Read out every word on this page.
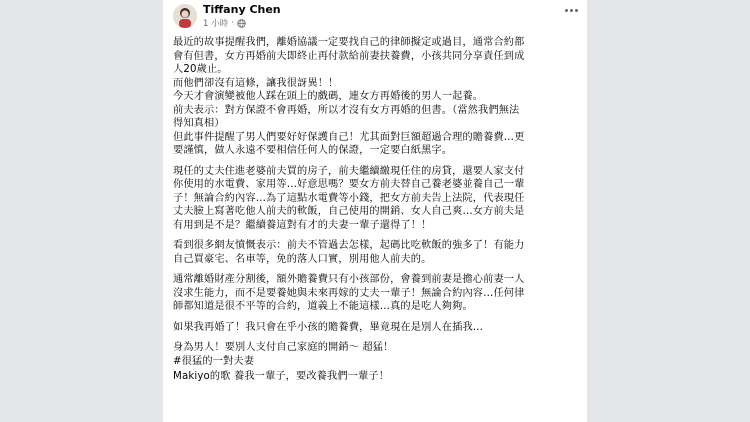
Tiffany Chen
1 小時 ·
最近的故事提醒我們，離婚協議一定要找自己的律師擬定或過目，通常合約都
會有但書，女方再婚前夫即終止再付款給前妻扶養費，小孩共同分享責任到成
人20歲止。
而他們卻沒有這條，讓我很訝異！！
今天才會演變被他人踩在頭上的戲碼，連女方再婚後的男人一起養。
前夫表示：對方保證不會再婚，所以才沒有女方再婚的但書。（當然我們無法
得知真相）
但此事件提醒了男人們要好好保護自己！尤其面對巨額超過合理的贍養費…更
要謹慎，做人永遠不要相信任何人的保證，一定要白紙黑字。
現任的丈夫住進老婆前夫買的房子，前夫繼續繳現任住的房貸，還要人家支付
你使用的水電費、家用等…好意思嗎？要女方前夫替自己養老婆並養自己一輩
子！無論合約內容…為了這點水電費等小錢，把女方前夫告上法院，代表現任
丈夫臉上寫著吃他人前夫的軟飯，自己使用的開銷、女人自己爽…女方前夫是
有用到是不是？繼續養這對有才的夫妻一輩子還得了！！
看到很多網友憤慨表示：前夫不管過去怎樣，起碼比吃軟飯的強多了！有能力
自己買豪宅、名車等，免的落人口實，別用他人前夫的。
通常離婚財產分割後，額外贍養費只有小孩部份，會養到前妻是擔心前妻一人
沒求生能力，而不是要養她與未來再嫁的丈夫一輩子！無論合約內容…任何律
師都知道是很不平等的合約，道義上不能這樣…真的是吃人夠夠。
如果我再婚了！我只會在乎小孩的贍養費，畢竟現在是別人在插我…
身為男人！要別人支付自己家庭的開銷～ 超猛！
#很猛的一對夫妻
Makiyo的歌 養我一輩子，要改養我們一輩子！
